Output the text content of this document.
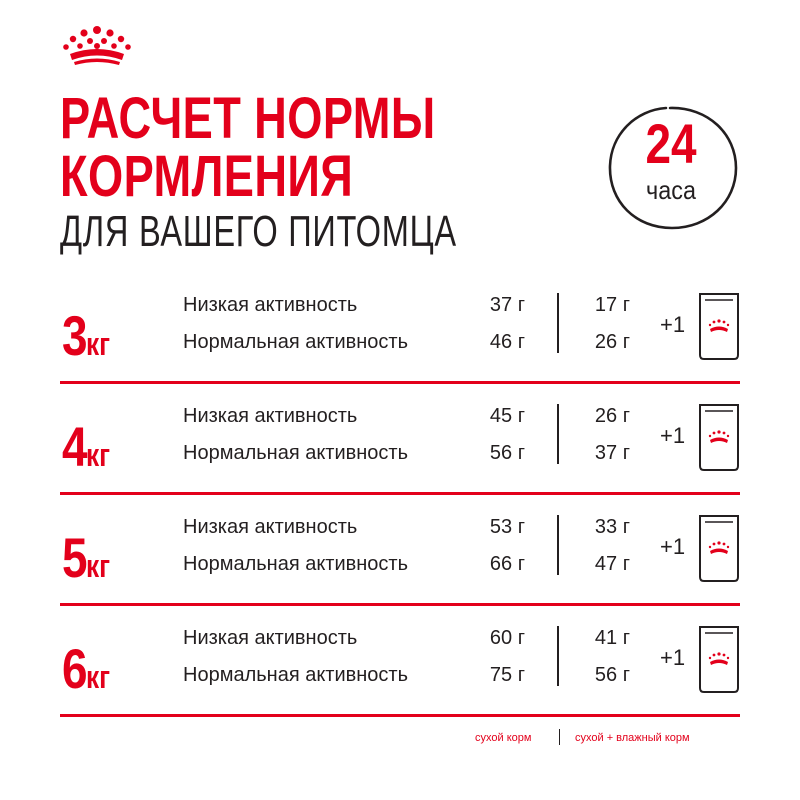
РАСЧЕТ НОРМЫ
КОРМЛЕНИЯ
ДЛЯ ВАШЕГО ПИТОМЦА
24
часа
3кг
Низкая активность
Нормальная активность
37 г
46 г
17 г
26 г
+1
4кг
Низкая активность
Нормальная активность
45 г
56 г
26 г
37 г
+1
5кг
Низкая активность
Нормальная активность
53 г
66 г
33 г
47 г
+1
6кг
Низкая активность
Нормальная активность
60 г
75 г
41 г
56 г
+1
сухой корм	сухой + влажный корм
